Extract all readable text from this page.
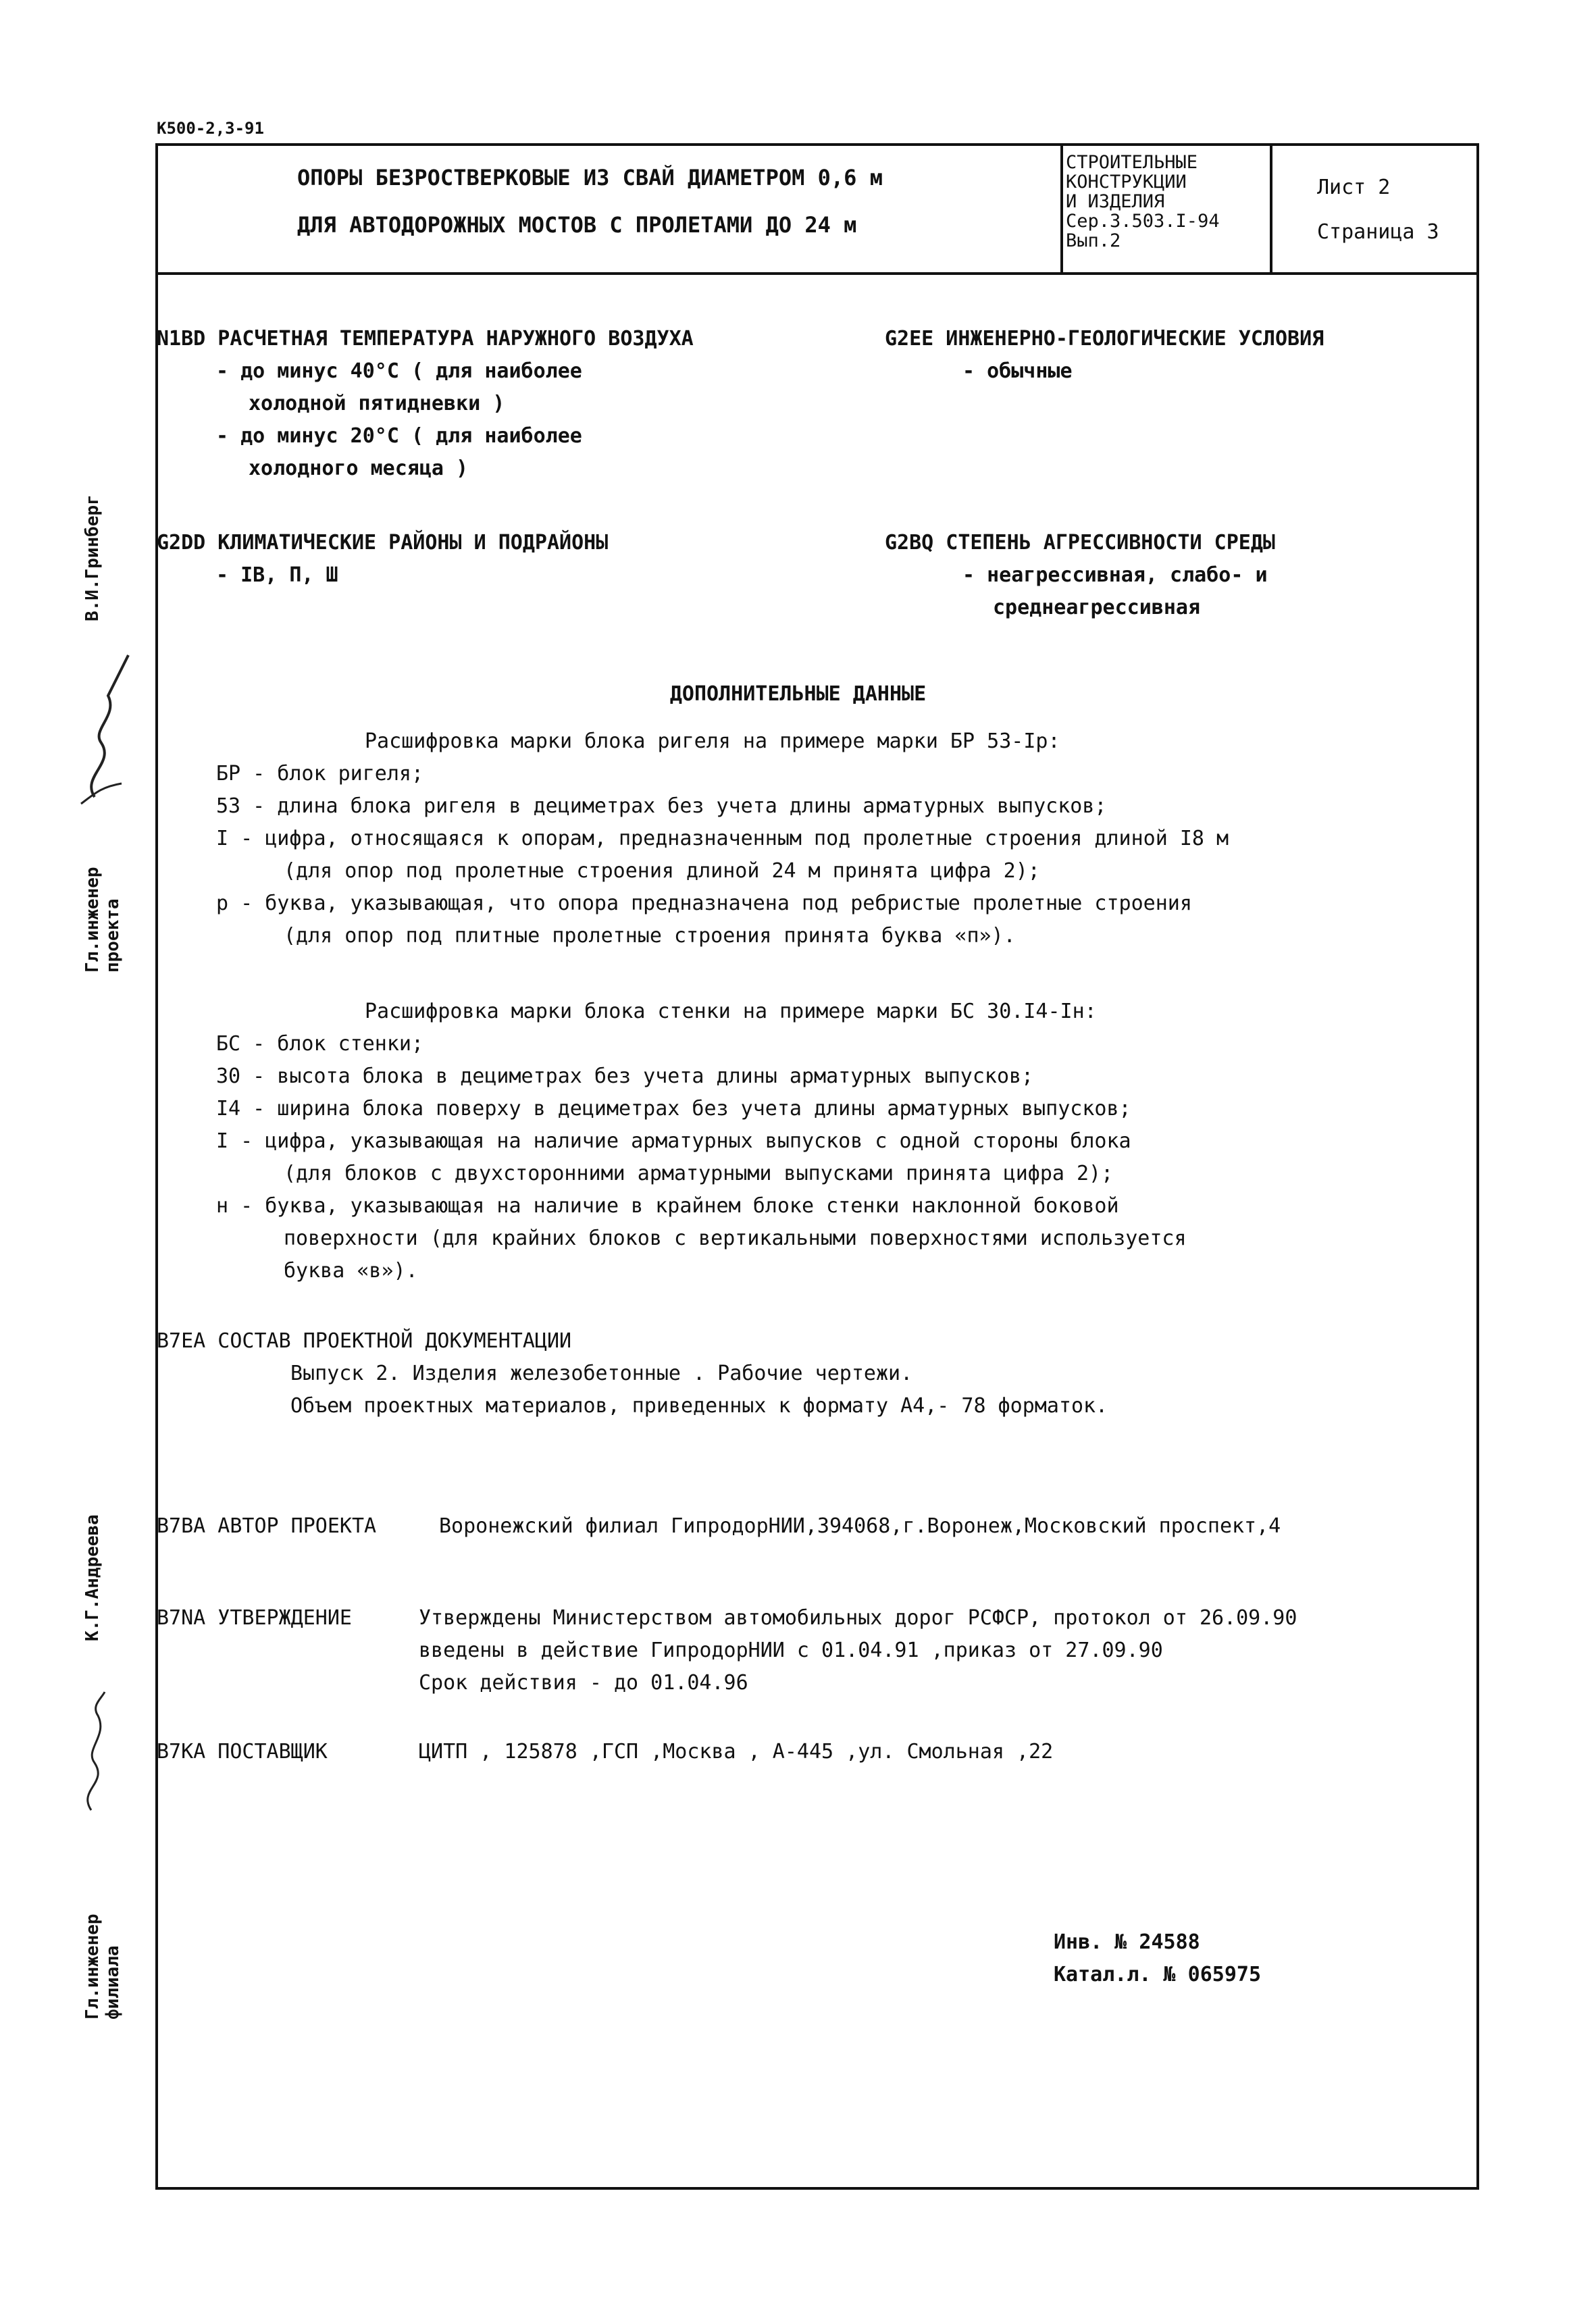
K500-2,3-91
ОПОРЫ БЕЗРОСТВЕРКОВЫЕ ИЗ СВАЙ ДИАМЕТРОМ 0,6 м
ДЛЯ АВТОДОРОЖНЫХ МОСТОВ С ПРОЛЕТАМИ ДО 24 м
СТРОИТЕЛЬНЫЕ
КОНСТРУКЦИИ
И ИЗДЕЛИЯ
Сер.3.503.I-94
Вып.2
Лист 2
Страница 3
N1BD РАСЧЕТНАЯ ТЕМПЕРАТУРА НАРУЖНОГО ВОЗДУХА
- до минус 40°С ( для наиболее
холодной пятидневки )
- до минус 20°С ( для наиболее
холодного месяца )
G2EE ИНЖЕНЕРНО-ГЕОЛОГИЧЕСКИЕ УСЛОВИЯ
- обычные
G2DD КЛИМАТИЧЕСКИЕ РАЙОНЫ И ПОДРАЙОНЫ
- IВ, П, Ш
G2BQ СТЕПЕНЬ АГРЕССИВНОСТИ СРЕДЫ
- неагрессивная, слабо- и
среднеагрессивная
ДОПОЛНИТЕЛЬНЫЕ ДАННЫЕ
Расшифровка марки блока ригеля на примере марки БР 53-Iр:
БР - блок ригеля;
53 - длина блока ригеля в дециметрах без учета длины арматурных выпусков;
I - цифра, относящаяся к опорам, предназначенным под пролетные строения длиной I8 м
(для опор под пролетные строения длиной 24 м принята цифра 2);
р - буква, указывающая, что опора предназначена под ребристые пролетные строения
(для опор под плитные пролетные строения принята буква «п»).
Расшифровка марки блока стенки на примере марки БС 30.I4-Iн:
БС - блок стенки;
30 - высота блока в дециметрах без учета длины арматурных выпусков;
I4 - ширина блока поверху в дециметрах без учета длины арматурных выпусков;
I - цифра, указывающая на наличие арматурных выпусков с одной стороны блока
(для блоков с двухсторонними арматурными выпусками принята цифра 2);
н - буква, указывающая на наличие в крайнем блоке стенки наклонной боковой
поверхности (для крайних блоков с вертикальными поверхностями используется
буква «в»).
B7EA СОСТАВ ПРОЕКТНОЙ ДОКУМЕНТАЦИИ
Выпуск 2. Изделия железобетонные . Рабочие чертежи.
Объем проектных материалов, приведенных к формату А4,- 78 форматок.
B7BA АВТОР ПРОЕКТА	Воронежский филиал ГипродорНИИ,394068,г.Воронеж,Московский проспект,4
B7NA УТВЕРЖДЕНИЕ	Утверждены Министерством автомобильных дорог РСФСР, протокол от 26.09.90
введены в действие ГипродорНИИ с 01.04.91 ,приказ от 27.09.90
Срок действия - до 01.04.96
B7KA ПОСТАВЩИК	ЦИТП , 125878 ,ГСП ,Москва , А-445 ,ул. Смольная ,22
Инв. № 24588
Катал.л. № 065975
Гл.инженер проекта
В.И.Гринберг
К.Г.Андреева
Гл.инженер филиала
